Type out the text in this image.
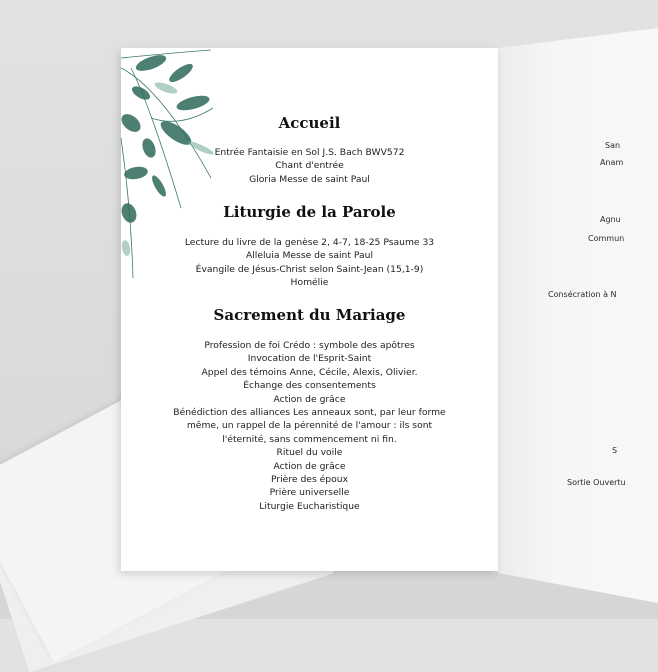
San
Anam
Agnu
Commun
Consécration à N
S
Sortie Ouvertu
Accueil
Entrée Fantaisie en Sol J.S. Bach BWV572
Chant d'entrée
Gloria Messe de saint Paul
Liturgie de la Parole
Lecture du livre de la genèse 2, 4-7, 18-25 Psaume 33
Alleluia Messe de saint Paul
Évangile de Jésus-Christ selon Saint-Jean (15,1-9)
Homélie
Sacrement du Mariage
Profession de foi Crédo : symbole des apôtres
Invocation de l'Esprit-Saint
Appel des témoins Anne, Cécile, Alexis, Olivier.
Échange des consentements
Action de grâce
Bénédiction des alliances Les anneaux sont, par leur forme
même, un rappel de la pérennité de l'amour : ils sont
l'éternité, sans commencement ni fin.
Rituel du voile
Action de grâce
Prière des époux
Prière universelle
Liturgie Eucharistique
